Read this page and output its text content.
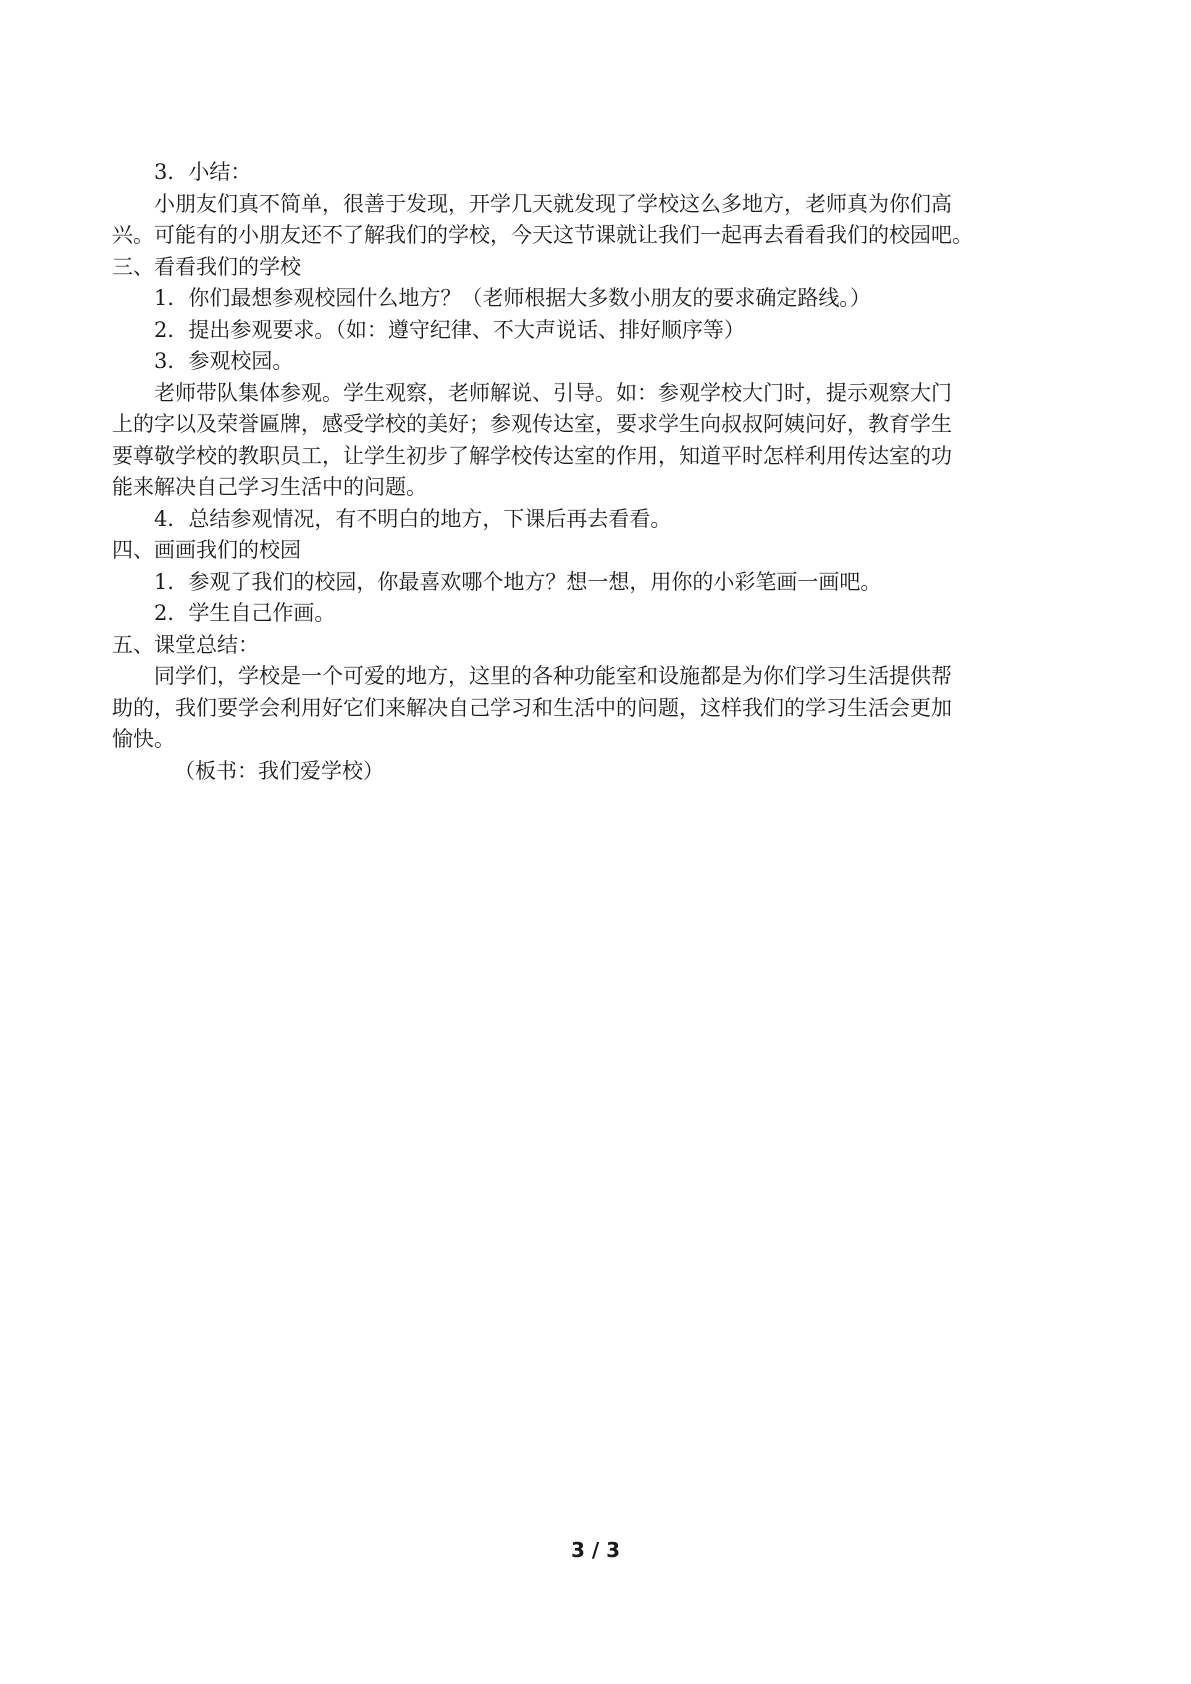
3．小结：

小朋友们真不简单，很善于发现，开学几天就发现了学校这么多地方，老师真为你们高
兴。可能有的小朋友还不了解我们的学校，今天这节课就让我们一起再去看看我们的校园吧。

三、看看我们的学校

1．你们最想参观校园什么地方？（老师根据大多数小朋友的要求确定路线。）

2．提出参观要求。（如：遵守纪律、不大声说话、排好顺序等）

3．参观校园。

老师带队集体参观。学生观察，老师解说、引导。如：参观学校大门时，提示观察大门
上的字以及荣誉匾牌，感受学校的美好；参观传达室，要求学生向叔叔阿姨问好，教育学生
要尊敬学校的教职员工，让学生初步了解学校传达室的作用，知道平时怎样利用传达室的功
能来解决自己学习生活中的问题。

4．总结参观情况，有不明白的地方，下课后再去看看。

四、画画我们的校园

1．参观了我们的校园，你最喜欢哪个地方？想一想，用你的小彩笔画一画吧。

2．学生自己作画。

五、课堂总结：

同学们，学校是一个可爱的地方，这里的各种功能室和设施都是为你们学习生活提供帮
助的，我们要学会利用好它们来解决自己学习和生活中的问题，这样我们的学习生活会更加
愉快。

（板书：我们爱学校）

3 / 3
